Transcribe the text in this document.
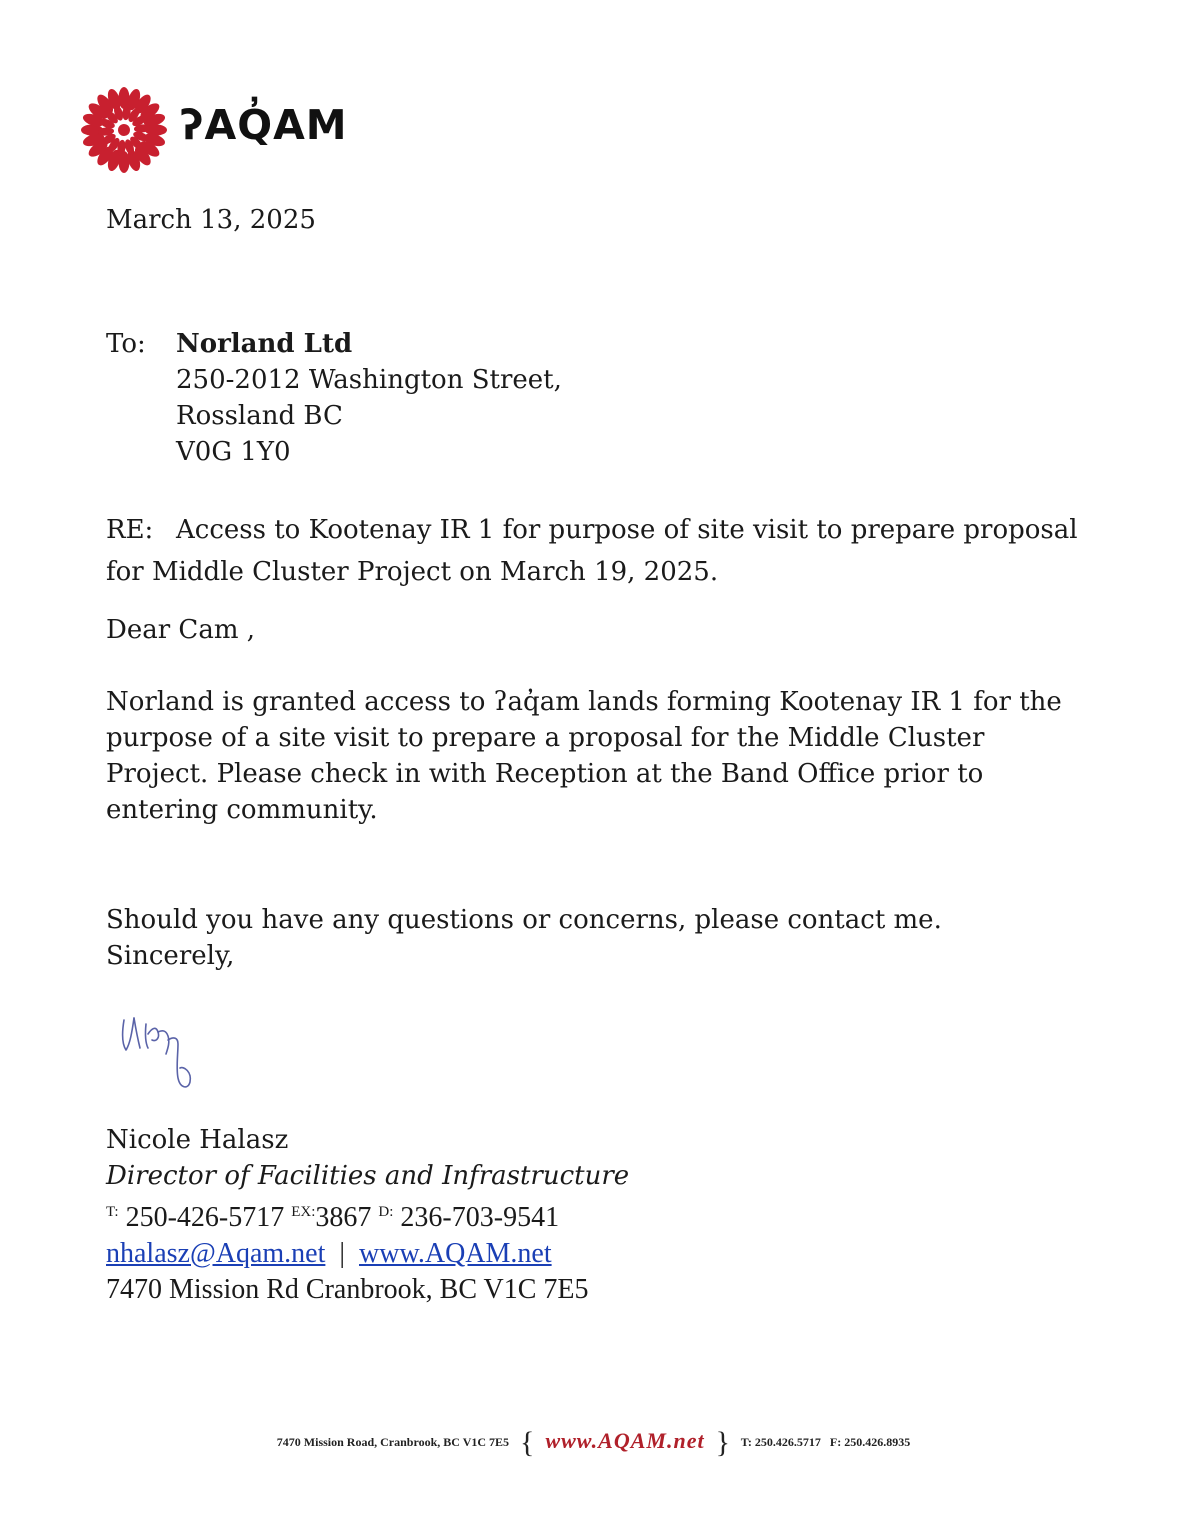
ʔAQ̓AM
March 13, 2025
To: Norland Ltd
250-2012 Washington Street,
Rossland BC
V0G 1Y0
RE: Access to Kootenay IR 1 for purpose of site visit to prepare proposal
for Middle Cluster Project on March 19, 2025.
Dear Cam ,
Norland is granted access to ʔaq̓am lands forming Kootenay IR 1 for the
purpose of a site visit to prepare a proposal for the Middle Cluster
Project. Please check in with Reception at the Band Office prior to
entering community.
Should you have any questions or concerns, please contact me.
Sincerely,
Nicole Halasz
Director of Facilities and Infrastructure
$^{T:}$ 250-426-5717 $^{EX:}$3867 $^{D:}$ 236-703-9541
nhalasz@Aqam.net | www.AQAM.net
7470 Mission Rd Cranbrook, BC V1C 7E5
7470 Mission Road, Cranbrook, BC V1C 7E5 { www.AQAM.net } T: 250.426.5717 F: 250.426.8935
